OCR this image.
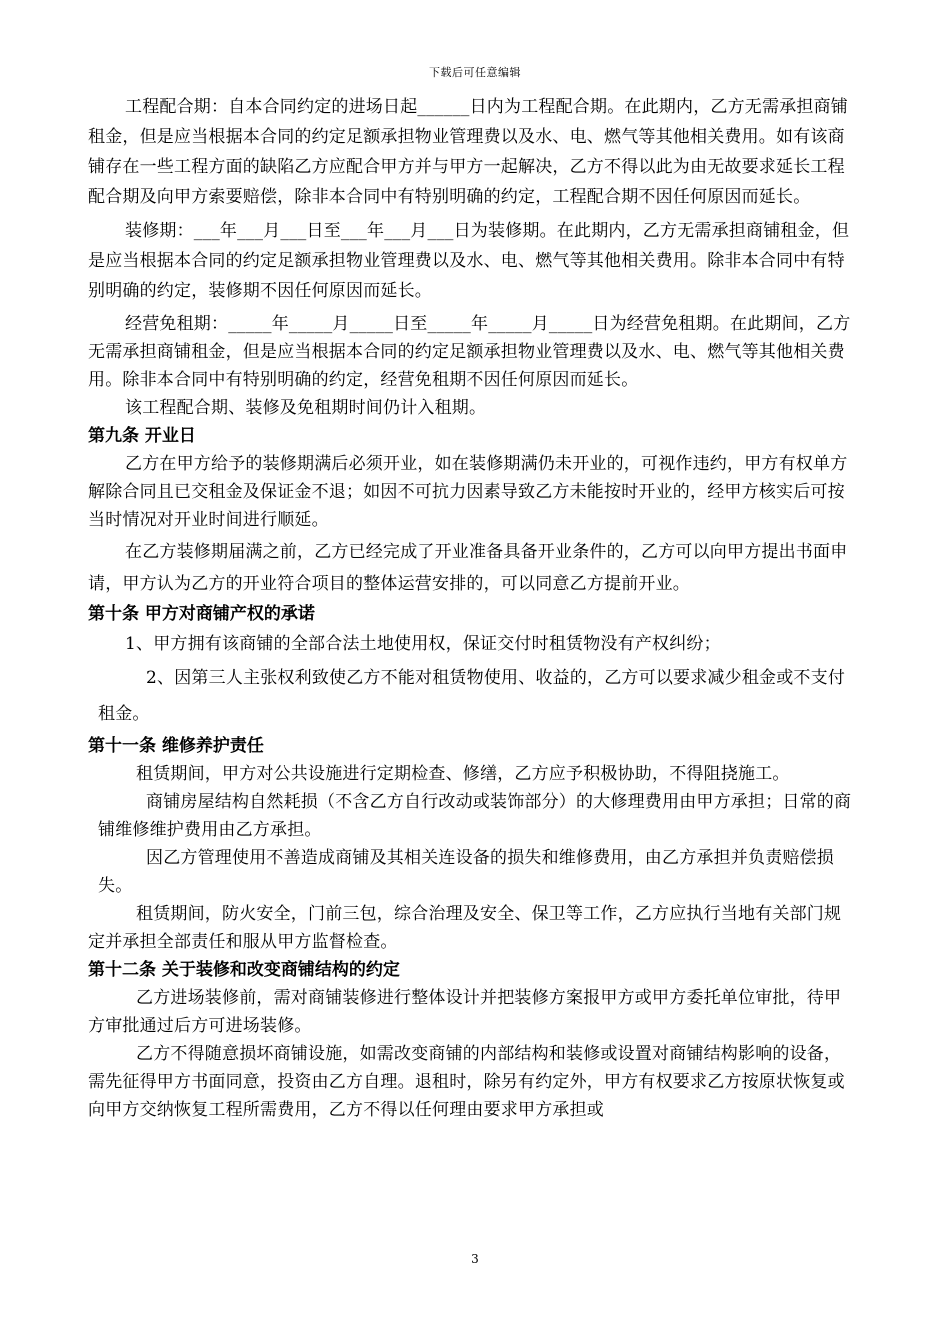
下载后可任意编辑

工程配合期：自本合同约定的进场日起______日内为工程配合期。在此期内，乙方无需承担商铺租金，但是应当根据本合同的约定足额承担物业管理费以及水、电、燃气等其他相关费用。如有该商铺存在一些工程方面的缺陷乙方应配合甲方并与甲方一起解决，乙方不得以此为由无故要求延长工程配合期及向甲方索要赔偿，除非本合同中有特别明确的约定，工程配合期不因任何原因而延长。

装修期：___年___月___日至___年___月___日为装修期。在此期内，乙方无需承担商铺租金，但是应当根据本合同的约定足额承担物业管理费以及水、电、燃气等其他相关费用。除非本合同中有特别明确的约定，装修期不因任何原因而延长。

经营免租期：_____年_____月_____日至_____年_____月_____日为经营免租期。在此期间，乙方无需承担商铺租金，但是应当根据本合同的约定足额承担物业管理费以及水、电、燃气等其他相关费用。除非本合同中有特别明确的约定，经营免租期不因任何原因而延长。

该工程配合期、装修及免租期时间仍计入租期。

第九条 开业日

乙方在甲方给予的装修期满后必须开业，如在装修期满仍未开业的，可视作违约，甲方有权单方解除合同且已交租金及保证金不退；如因不可抗力因素导致乙方未能按时开业的，经甲方核实后可按当时情况对开业时间进行顺延。

在乙方装修期届满之前，乙方已经完成了开业准备具备开业条件的，乙方可以向甲方提出书面申请，甲方认为乙方的开业符合项目的整体运营安排的，可以同意乙方提前开业。

第十条 甲方对商铺产权的承诺

1、甲方拥有该商铺的全部合法土地使用权，保证交付时租赁物没有产权纠纷；

2、因第三人主张权利致使乙方不能对租赁物使用、收益的，乙方可以要求减少租金或不支付租金。

第十一条 维修养护责任

租赁期间，甲方对公共设施进行定期检查、修缮，乙方应予积极协助，不得阻挠施工。

商铺房屋结构自然耗损（不含乙方自行改动或装饰部分）的大修理费用由甲方承担；日常的商铺维修维护费用由乙方承担。

因乙方管理使用不善造成商铺及其相关连设备的损失和维修费用，由乙方承担并负责赔偿损失。

租赁期间，防火安全，门前三包，综合治理及安全、保卫等工作，乙方应执行当地有关部门规定并承担全部责任和服从甲方监督检查。

第十二条 关于装修和改变商铺结构的约定

乙方进场装修前，需对商铺装修进行整体设计并把装修方案报甲方或甲方委托单位审批，待甲方审批通过后方可进场装修。

乙方不得随意损坏商铺设施，如需改变商铺的内部结构和装修或设置对商铺结构影响的设备，需先征得甲方书面同意，投资由乙方自理。退租时，除另有约定外，甲方有权要求乙方按原状恢复或向甲方交纳恢复工程所需费用，乙方不得以任何理由要求甲方承担或

3
